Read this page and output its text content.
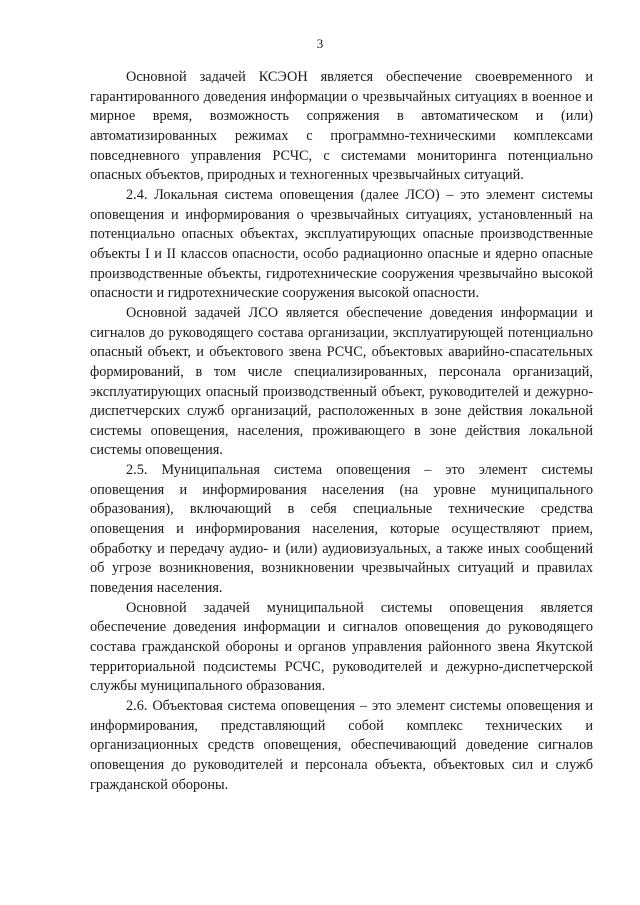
3

Основной задачей КСЭОН является обеспечение своевременного и гарантированного доведения информации о чрезвычайных ситуациях в военное и мирное время, возможность сопряжения в автоматическом и (или) автоматизированных режимах с программно-техническими комплексами повседневного управления РСЧС, с системами мониторинга потенциально опасных объектов, природных и техногенных чрезвычайных ситуаций.

2.4. Локальная система оповещения (далее ЛСО) – это элемент системы оповещения и информирования о чрезвычайных ситуациях, установленный на потенциально опасных объектах, эксплуатирующих опасные производственные объекты I и II классов опасности, особо радиационно опасные и ядерно опасные производственные объекты, гидротехнические сооружения чрезвычайно высокой опасности и гидротехнические сооружения высокой опасности.

Основной задачей ЛСО является обеспечение доведения информации и сигналов до руководящего состава организации, эксплуатирующей потенциально опасный объект, и объектового звена РСЧС, объектовых аварийно-спасательных формирований, в том числе специализированных, персонала организаций, эксплуатирующих опасный производственный объект, руководителей и дежурно-диспетчерских служб организаций, расположенных в зоне действия локальной системы оповещения, населения, проживающего в зоне действия локальной системы оповещения.

2.5. Муниципальная система оповещения – это элемент системы оповещения и информирования населения (на уровне муниципального образования), включающий в себя специальные технические средства оповещения и информирования населения, которые осуществляют прием, обработку и передачу аудио- и (или) аудиовизуальных, а также иных сообщений об угрозе возникновения, возникновении чрезвычайных ситуаций и правилах поведения населения.

Основной задачей муниципальной системы оповещения является обеспечение доведения информации и сигналов оповещения до руководящего состава гражданской обороны и органов управления районного звена Якутской территориальной подсистемы РСЧС, руководителей и дежурно-диспетчерской службы муниципального образования.

2.6. Объектовая система оповещения – это элемент системы оповещения и информирования, представляющий собой комплекс технических и организационных средств оповещения, обеспечивающий доведение сигналов оповещения до руководителей и персонала объекта, объектовых сил и служб гражданской обороны.
